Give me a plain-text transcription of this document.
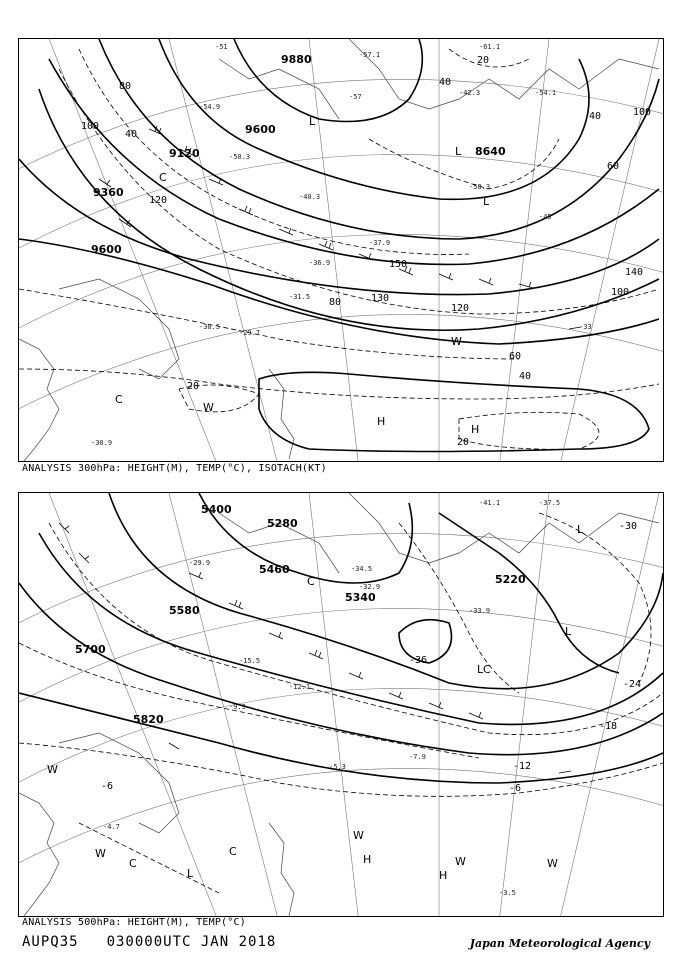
9880
9600
9120
9360
9600
8640
80
100
40
120
40
20
40	100
60
140
100
80
60
40
20
20
130
150
120
-51
-57
-54.9
-50.3
-45
-40.3
-37.9
-33
-31.5
-29.7
-30.5
-36.9
-30.9
-57.1
-61.1
-54.1
-42.3
-58.3
L
L
L
H
H
C
W
W
C
ANALYSIS 300hPa: HEIGHT(M), TEMP(°C), ISOTACH(KT)
5700
5580
5460
5340
5220
5820
5400
5280
-36
-24
-18
-12
-6
-6
-30
-34.5
-32.9
-29.9
-15.5
-12.1
-9.9
-7.9
-5.3
-4.7
-3.5
-41.1	-37.5
-33.9
L
L
C
C
C
L
H
H
W
W
W
W	W
C
L
ANALYSIS 500hPa: HEIGHT(M), TEMP(°C)
AUPQ35 030000UTC JAN 2018	Japan Meteorological Agency
